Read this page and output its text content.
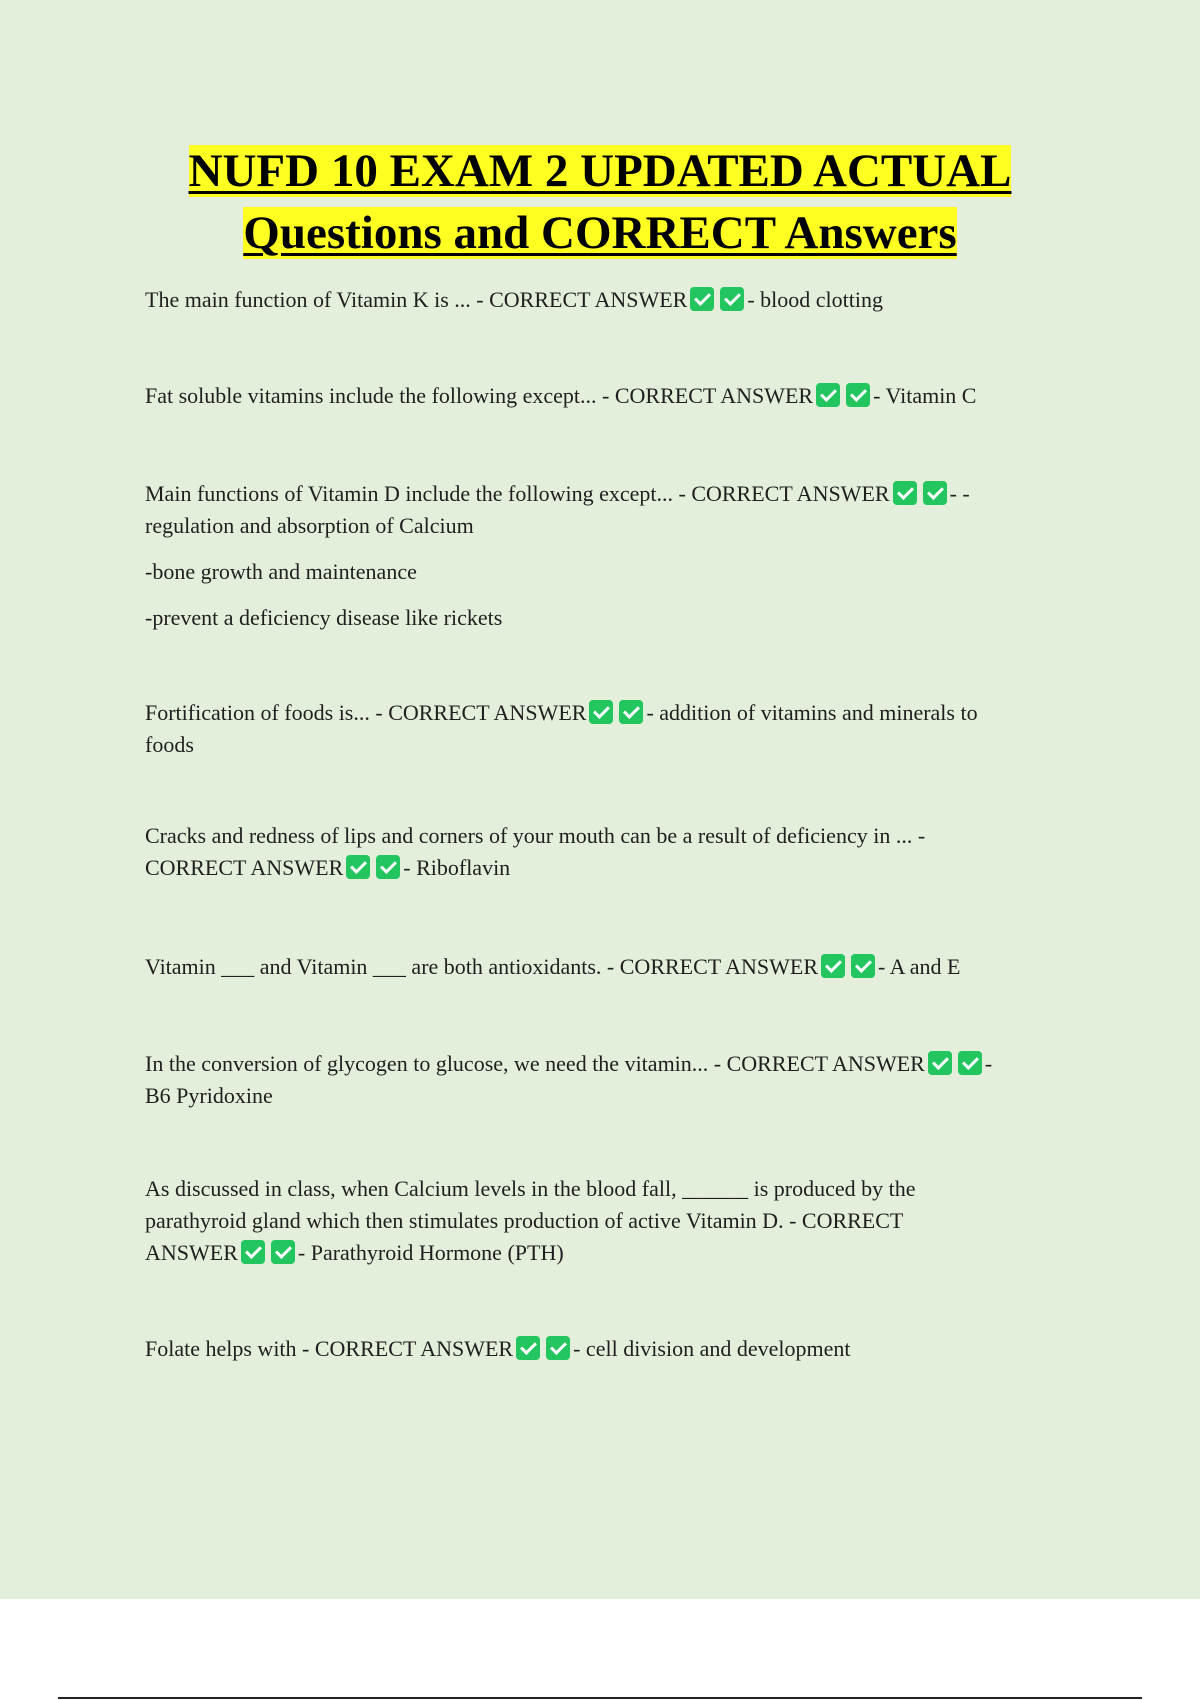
NUFD 10 EXAM 2 UPDATED ACTUAL
Questions and CORRECT Answers

The main function of Vitamin K is ... - CORRECT ANSWER	- blood clotting

Fat soluble vitamins include the following except... - CORRECT ANSWER	- Vitamin C

Main functions of Vitamin D include the following except... - CORRECT ANSWER	- -
regulation and absorption of Calcium
-bone growth and maintenance
-prevent a deficiency disease like rickets

Fortification of foods is... - CORRECT ANSWER	- addition of vitamins and minerals to
foods

Cracks and redness of lips and corners of your mouth can be a result of deficiency in ... -
CORRECT ANSWER	- Riboflavin

Vitamin ___ and Vitamin ___ are both antioxidants. - CORRECT ANSWER	- A and E

In the conversion of glycogen to glucose, we need the vitamin... - CORRECT ANSWER	-
B6 Pyridoxine

As discussed in class, when Calcium levels in the blood fall, ______ is produced by the
parathyroid gland which then stimulates production of active Vitamin D. - CORRECT
ANSWER	- Parathyroid Hormone (PTH)

Folate helps with - CORRECT ANSWER	- cell division and development
